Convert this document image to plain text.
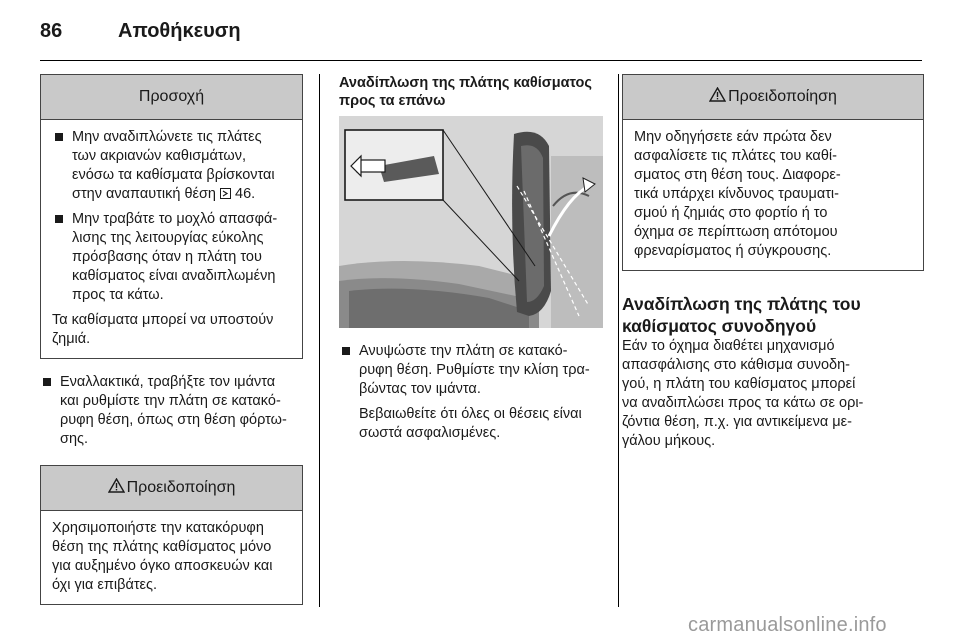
86	Αποθήκευση
Προσοχή
Μην αναδιπλώνετε τις πλάτες
των ακριανών καθισμάτων,
ενόσω τα καθίσματα βρίσκονται
στην αναπαυτική θέση  46.
Μην τραβάτε το μοχλό απασφά-
λισης της λειτουργίας εύκολης
πρόσβασης όταν η πλάτη του
καθίσματος είναι αναδιπλωμένη
προς τα κάτω.

Τα καθίσματα μπορεί να υποστούν
ζημιά.

Εναλλακτικά, τραβήξτε τον ιμάντα
και ρυθμίστε την πλάτη σε κατακό-
ρυφη θέση, όπως στη θέση φόρτω-
σης.
Προειδοποίηση

Χρησιμοποιήστε την κατακόρυφη
θέση της πλάτης καθίσματος μόνο
για αυξημένο όγκο αποσκευών και
όχι για επιβάτες.

Αναδίπλωση της πλάτης καθίσματος
προς τα επάνω
Ανυψώστε την πλάτη σε κατακό-
ρυφη θέση. Ρυθμίστε την κλίση τρα-
βώντας τον ιμάντα.

Βεβαιωθείτε ότι όλες οι θέσεις είναι
σωστά ασφαλισμένες.

Προειδοποίηση

Μην οδηγήσετε εάν πρώτα δεν
ασφαλίσετε τις πλάτες του καθί-
σματος στη θέση τους. Διαφορε-
τικά υπάρχει κίνδυνος τραυματι-
σμού ή ζημιάς στο φορτίο ή το
όχημα σε περίπτωση απότομου
φρεναρίσματος ή σύγκρουσης.

Αναδίπλωση της πλάτης του
καθίσματος συνοδηγού

Εάν το όχημα διαθέτει μηχανισμό
απασφάλισης στο κάθισμα συνοδη-
γού, η πλάτη του καθίσματος μπορεί
να αναδιπλώσει προς τα κάτω σε ορι-
ζόντια θέση, π.χ. για αντικείμενα με-
γάλου μήκους.

carmanualsonline.info
